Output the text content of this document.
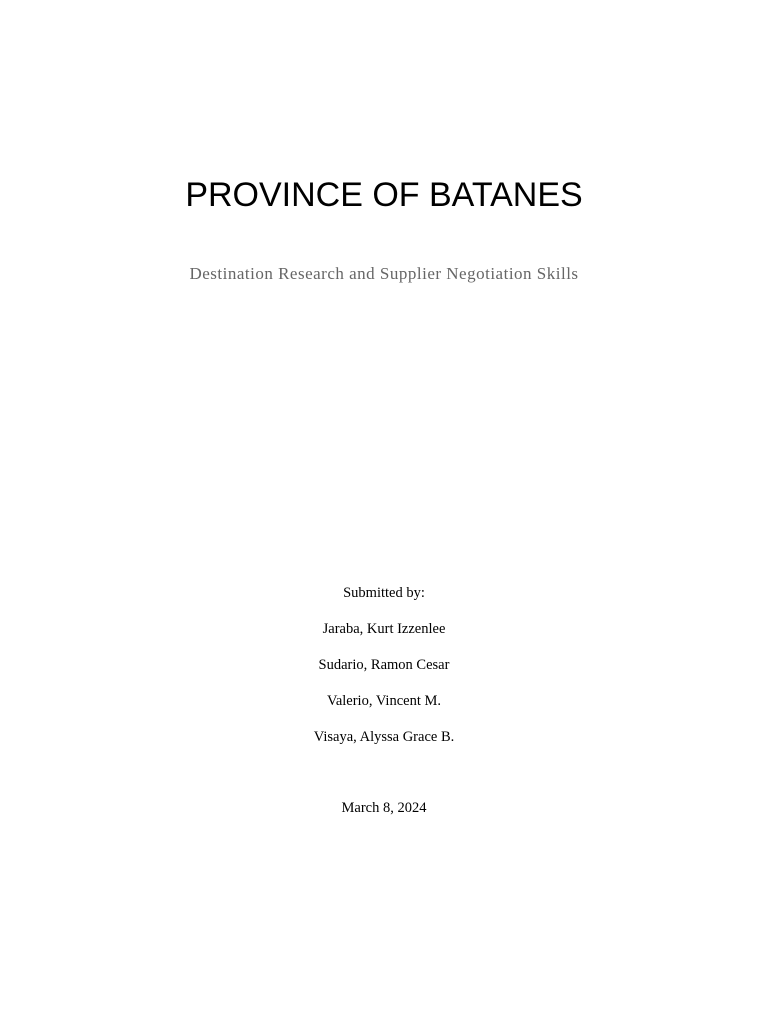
PROVINCE OF BATANES

Destination Research and Supplier Negotiation Skills

Submitted by:
Jaraba, Kurt Izzenlee
Sudario, Ramon Cesar
Valerio, Vincent M.
Visaya, Alyssa Grace B.

March 8, 2024
